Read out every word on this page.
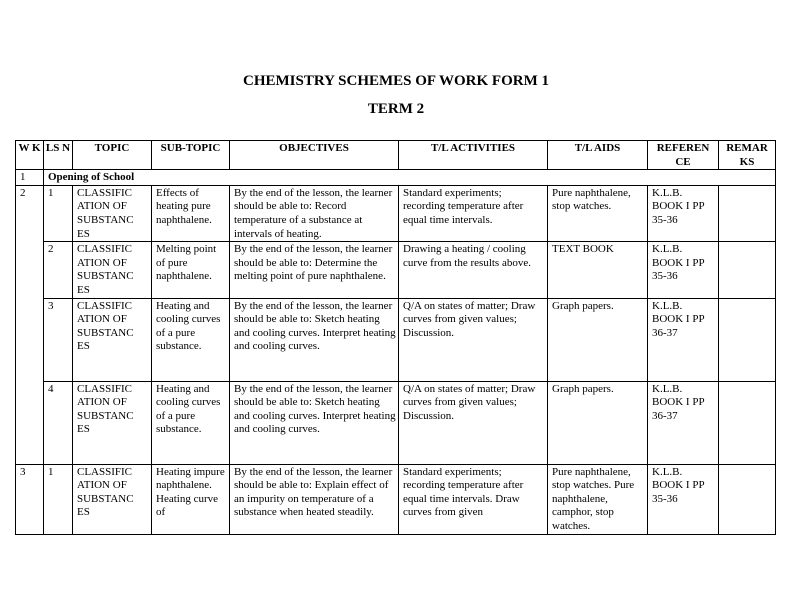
CHEMISTRY SCHEMES OF WORK FORM 1
TERM 2
W K	LS N	TOPIC	SUB-TOPIC	OBJECTIVES	T/L ACTIVITIES	T/L AIDS	REFEREN CE	REMAR KS
1	Opening of School							
2	1	CLASSIFIC ATION OF SUBSTANC ES	Effects of heating pure naphthalene.	By the end of the lesson, the learner should be able to: Record temperature of a substance at intervals of heating.	Standard experiments; recording temperature after equal time intervals.	Pure naphthalene, stop watches.	K.L.B. BOOK I PP 35-36	
	2	CLASSIFIC ATION OF SUBSTANC ES	Melting point of pure naphthalene.	By the end of the lesson, the learner should be able to: Determine the melting point of pure naphthalene.	Drawing a heating / cooling curve from the results above.	TEXT BOOK	K.L.B. BOOK I PP 35-36	
	3	CLASSIFIC ATION OF SUBSTANC ES	Heating and cooling curves of a pure substance.	By the end of the lesson, the learner should be able to: Sketch heating and cooling curves. Interpret heating and cooling curves.	Q/A on states of matter; Draw curves from given values; Discussion.	Graph papers.	K.L.B. BOOK I PP 36-37	
	4	CLASSIFIC ATION OF SUBSTANC ES	Heating and cooling curves of a pure substance.	By the end of the lesson, the learner should be able to: Sketch heating and cooling curves. Interpret heating and cooling curves.	Q/A on states of matter; Draw curves from given values; Discussion.	Graph papers.	K.L.B. BOOK I PP 36-37	
3	1	CLASSIFIC ATION OF SUBSTANC ES	Heating impure naphthalene. Heating curve of	By the end of the lesson, the learner should be able to: Explain effect of an impurity on temperature of a substance when heated steadily.	Standard experiments; recording temperature after equal time intervals. Draw curves from given	Pure naphthalene, stop watches. Pure naphthalene, camphor, stop watches.	K.L.B. BOOK I PP 35-36	
